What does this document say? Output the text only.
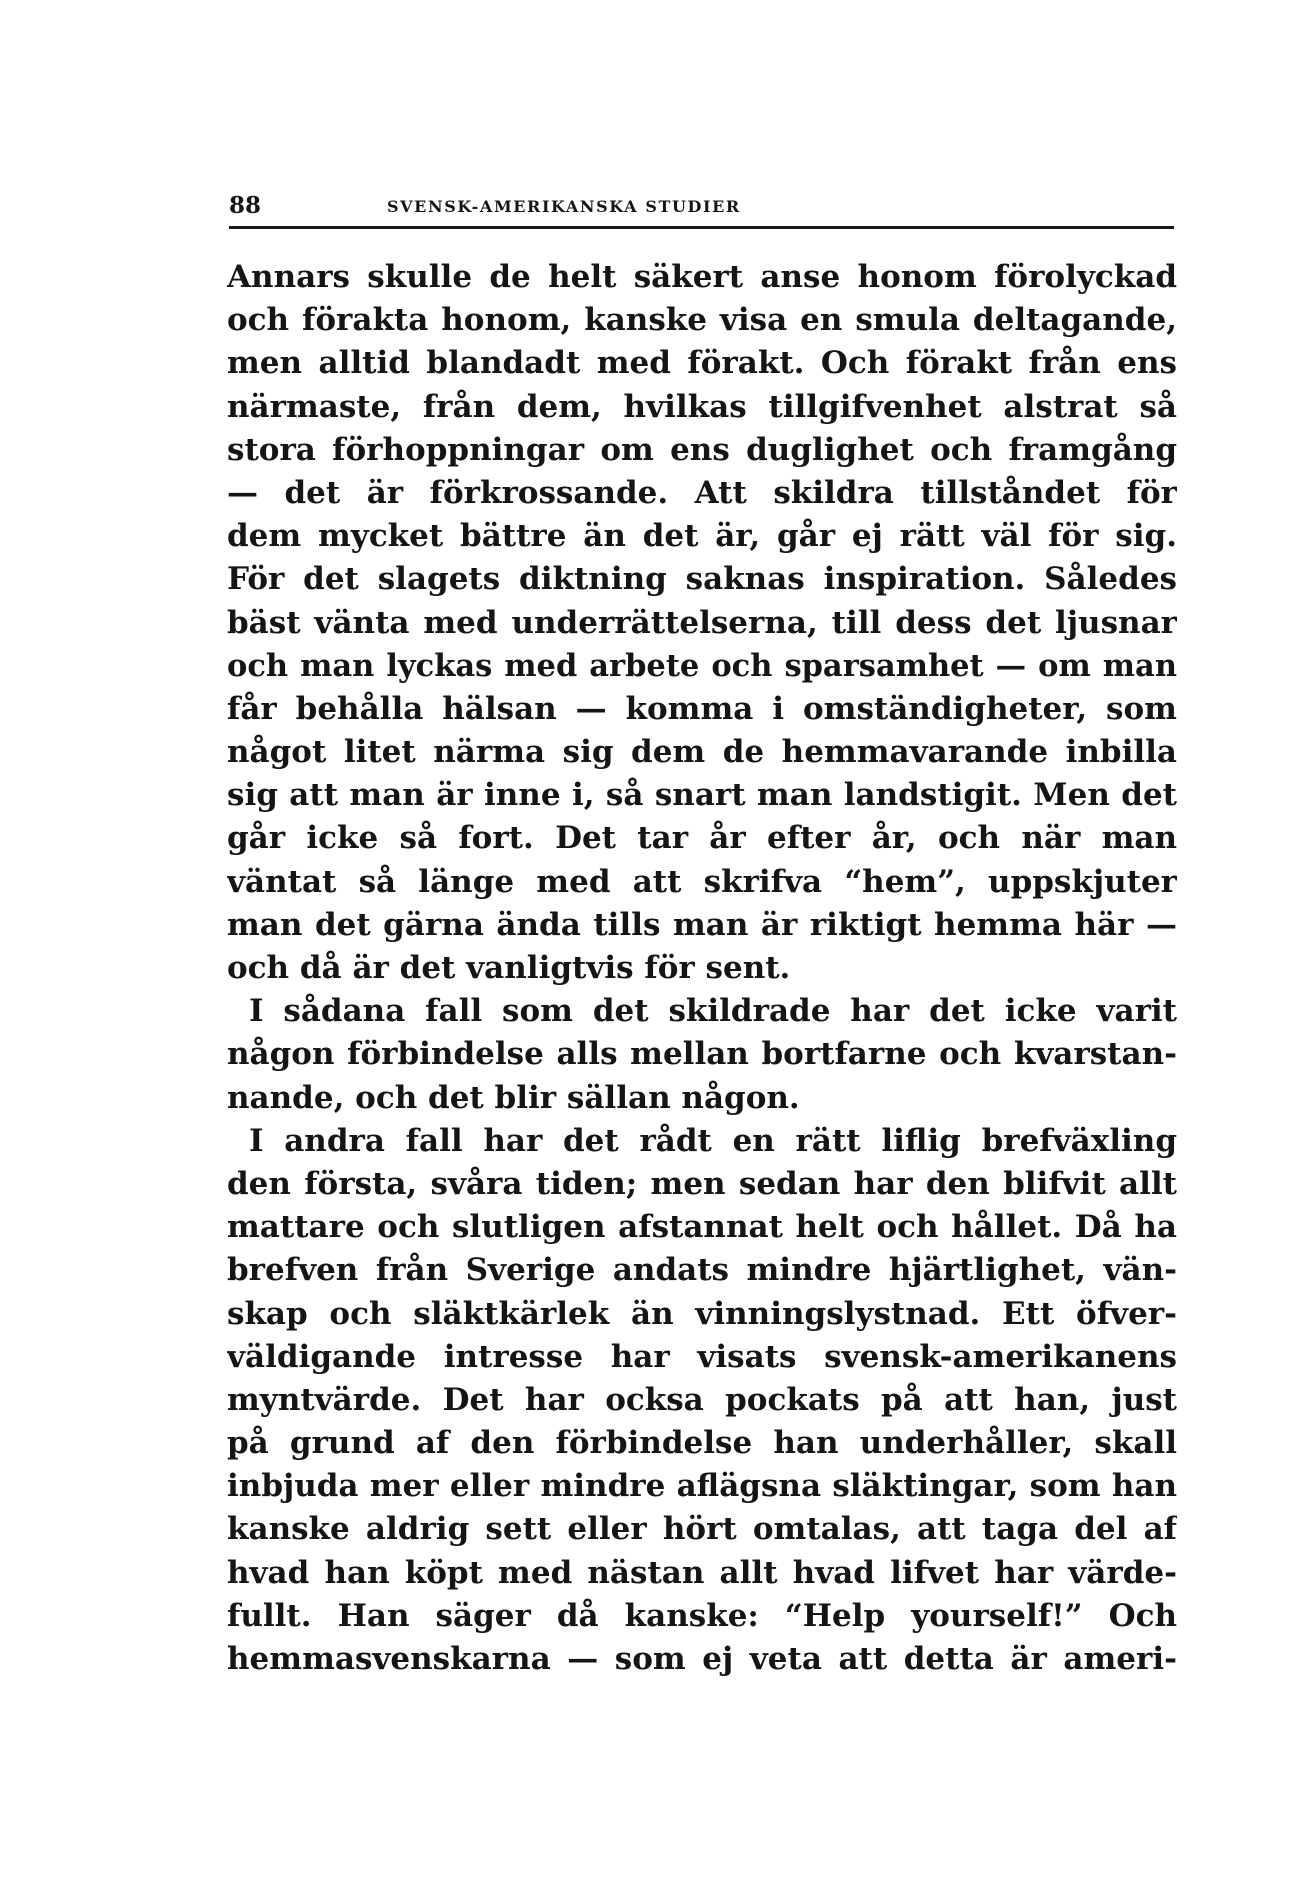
88	SVENSK-AMERIKANSKA STUDIER
Annars skulle de helt säkert anse honom förolyckad
och förakta honom, kanske visa en smula deltagande,
men alltid blandadt med förakt. Och förakt från ens
närmaste, från dem, hvilkas tillgifvenhet alstrat så
stora förhoppningar om ens duglighet och framgång
— det är förkrossande. Att skildra tillståndet för
dem mycket bättre än det är, går ej rätt väl för sig.
För det slagets diktning saknas inspiration. Således
bäst vänta med underrättelserna, till dess det ljusnar
och man lyckas med arbete och sparsamhet — om man
får behålla hälsan — komma i omständigheter, som
något litet närma sig dem de hemmavarande inbilla
sig att man är inne i, så snart man landstigit. Men det
går icke så fort. Det tar år efter år, och när man
väntat så länge med att skrifva “hem”, uppskjuter
man det gärna ända tills man är riktigt hemma här —
och då är det vanligtvis för sent.
I sådana fall som det skildrade har det icke varit
någon förbindelse alls mellan bortfarne och kvarstan-
nande, och det blir sällan någon.
I andra fall har det rådt en rätt liflig brefväxling
den första, svåra tiden; men sedan har den blifvit allt
mattare och slutligen afstannat helt och hållet. Då ha
brefven från Sverige andats mindre hjärtlighet, vän-
skap och släktkärlek än vinningslystnad. Ett öfver-
väldigande intresse har visats svensk-amerikanens
myntvärde. Det har ocksa pockats på att han, just
på grund af den förbindelse han underhåller, skall
inbjuda mer eller mindre aflägsna släktingar, som han
kanske aldrig sett eller hört omtalas, att taga del af
hvad han köpt med nästan allt hvad lifvet har värde-
fullt. Han säger då kanske: “Help yourself!” Och
hemmasvenskarna — som ej veta att detta är ameri-
